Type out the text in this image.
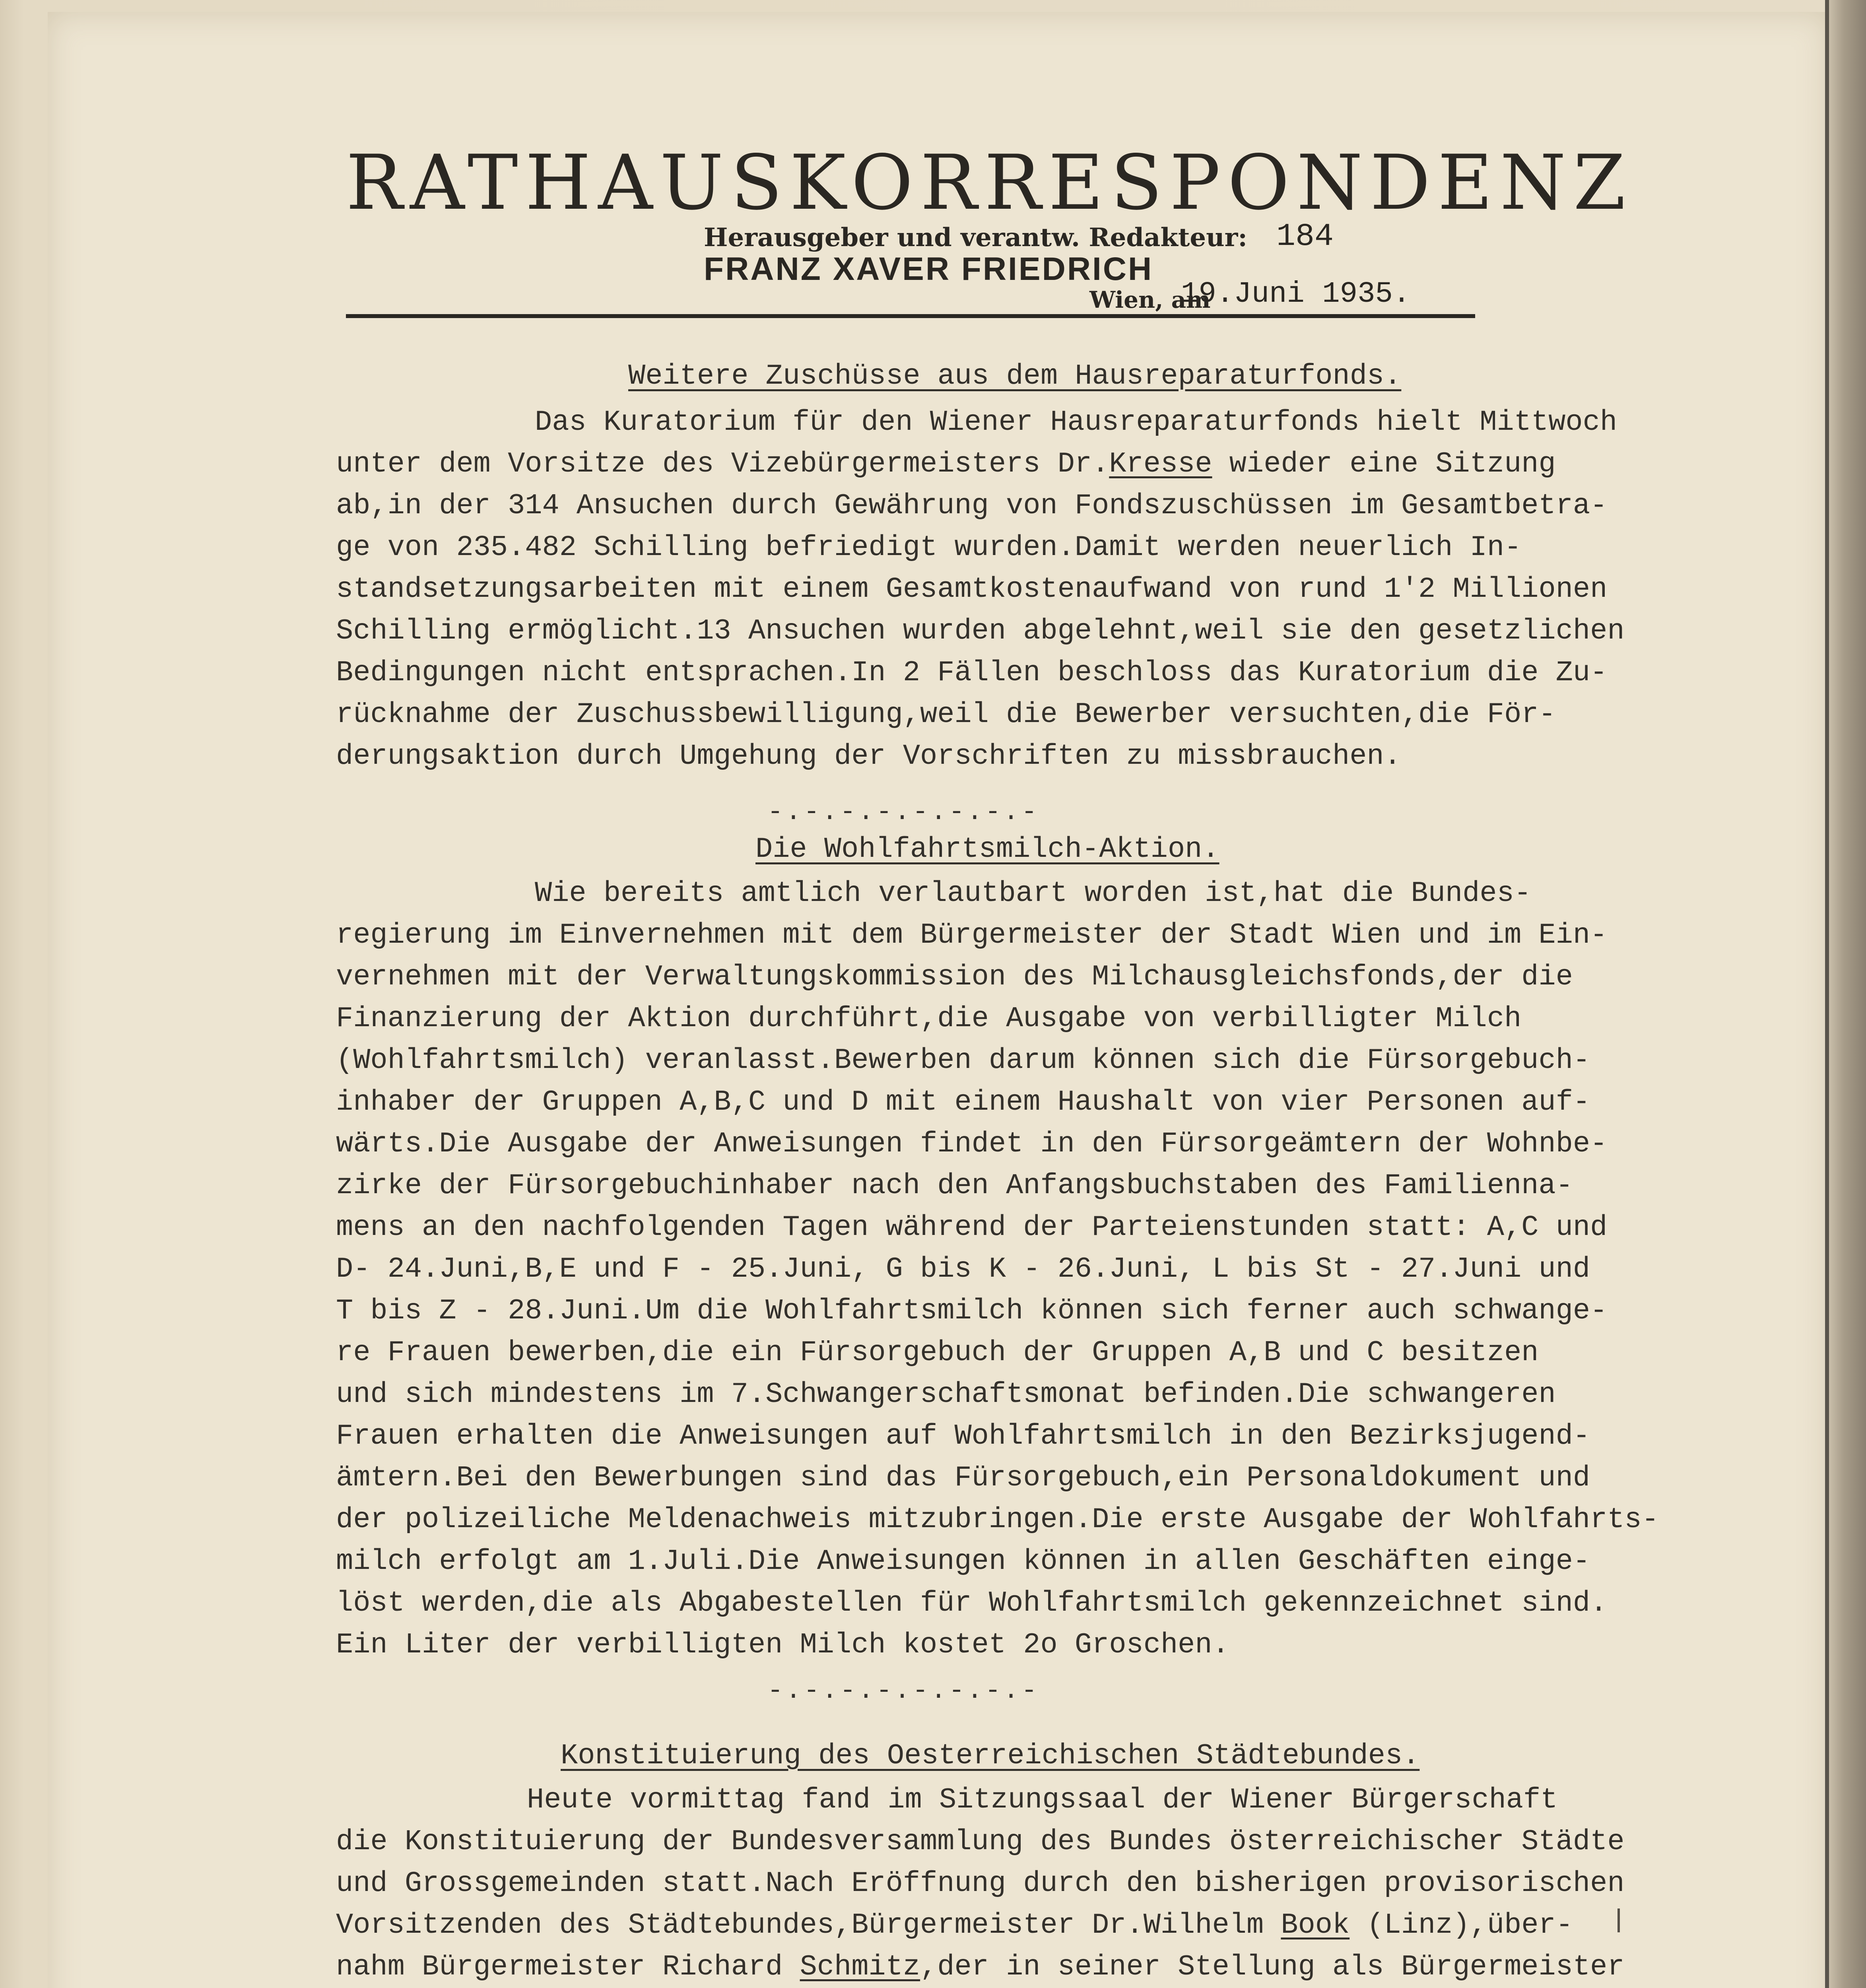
RATHAUSKORRESPONDENZ
Herausgeber und verantw. Redakteur:
FRANZ XAVER FRIEDRICH
184
Wien, am
19.Juni 1935.
Weitere Zuschüsse aus dem Hausreparaturfonds.
Das Kuratorium für den Wiener Hausreparaturfonds hielt Mittwoch
unter dem Vorsitze des Vizebürgermeisters Dr.Kresse wieder eine Sitzung
ab,in der 314 Ansuchen durch Gewährung von Fondszuschüssen im Gesamtbetra-
ge von 235.482 Schilling befriedigt wurden.Damit werden neuerlich In-
standsetzungsarbeiten mit einem Gesamtkostenaufwand von rund 1'2 Millionen
Schilling ermöglicht.13 Ansuchen wurden abgelehnt,weil sie den gesetzlichen
Bedingungen nicht entsprachen.In 2 Fällen beschloss das Kuratorium die Zu-
rücknahme der Zuschussbewilligung,weil die Bewerber versuchten,die För-
derungsaktion durch Umgehung der Vorschriften zu missbrauchen.
-.-.-.-.-.-.-.-
Die Wohlfahrtsmilch-Aktion.
Wie bereits amtlich verlautbart worden ist,hat die Bundes-
regierung im Einvernehmen mit dem Bürgermeister der Stadt Wien und im Ein-
vernehmen mit der Verwaltungskommission des Milchausgleichsfonds,der die
Finanzierung der Aktion durchführt,die Ausgabe von verbilligter Milch
(Wohlfahrtsmilch) veranlasst.Bewerben darum können sich die Fürsorgebuch-
inhaber der Gruppen A,B,C und D mit einem Haushalt von vier Personen auf-
wärts.Die Ausgabe der Anweisungen findet in den Fürsorgeämtern der Wohnbe-
zirke der Fürsorgebuchinhaber nach den Anfangsbuchstaben des Familienna-
mens an den nachfolgenden Tagen während der Parteienstunden statt: A,C und
D- 24.Juni,B,E und F - 25.Juni, G bis K - 26.Juni, L bis St - 27.Juni und
T bis Z - 28.Juni.Um die Wohlfahrtsmilch können sich ferner auch schwange-
re Frauen bewerben,die ein Fürsorgebuch der Gruppen A,B und C besitzen
und sich mindestens im 7.Schwangerschaftsmonat befinden.Die schwangeren
Frauen erhalten die Anweisungen auf Wohlfahrtsmilch in den Bezirksjugend-
ämtern.Bei den Bewerbungen sind das Fürsorgebuch,ein Personaldokument und
der polizeiliche Meldenachweis mitzubringen.Die erste Ausgabe der Wohlfahrts-
milch erfolgt am 1.Juli.Die Anweisungen können in allen Geschäften einge-
löst werden,die als Abgabestellen für Wohlfahrtsmilch gekennzeichnet sind.
Ein Liter der verbilligten Milch kostet 2o Groschen.
-.-.-.-.-.-.-.-
Konstituierung des Oesterreichischen Städtebundes.
Heute vormittag fand im Sitzungssaal der Wiener Bürgerschaft
die Konstituierung der Bundesversammlung des Bundes österreichischer Städte
und Grossgemeinden statt.Nach Eröffnung durch den bisherigen provisorischen
Vorsitzenden des Städtebundes,Bürgermeister Dr.Wilhelm Book (Linz),über-
nahm Bürgermeister Richard Schmitz,der in seiner Stellung als Bürgermeister
